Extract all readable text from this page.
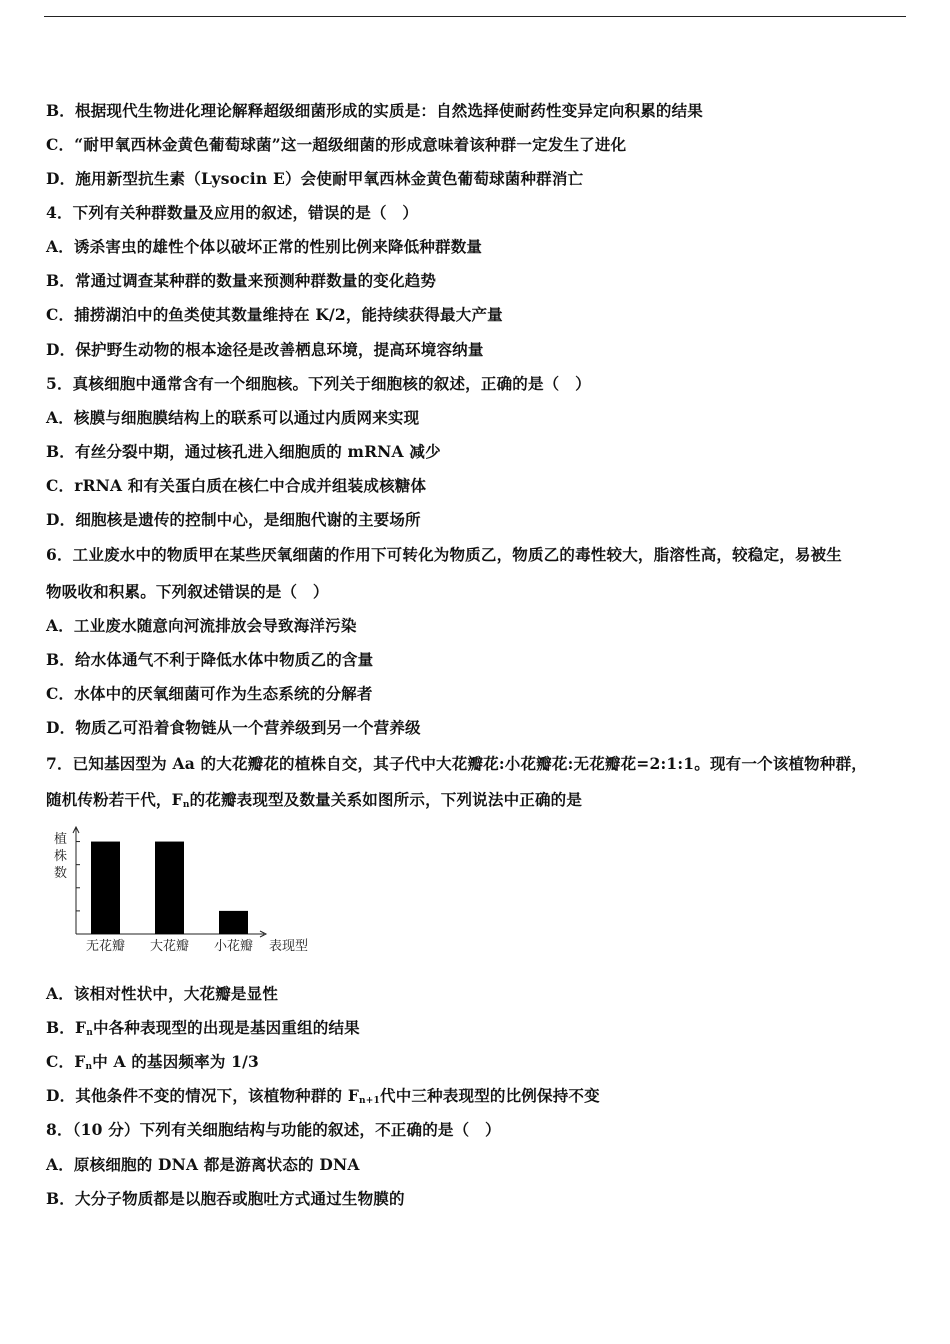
B．根据现代生物进化理论解释超级细菌形成的实质是：自然选择使耐药性变异定向积累的结果
C．“耐甲氧西林金黄色葡萄球菌”这一超级细菌的形成意味着该种群一定发生了进化
D．施用新型抗生素（Lysocin E）会使耐甲氧西林金黄色葡萄球菌种群消亡
4．下列有关种群数量及应用的叙述，错误的是（　）
A．诱杀害虫的雄性个体以破坏正常的性别比例来降低种群数量
B．常通过调查某种群的数量来预测种群数量的变化趋势
C．捕捞湖泊中的鱼类使其数量维持在 K/2，能持续获得最大产量
D．保护野生动物的根本途径是改善栖息环境，提高环境容纳量
5．真核细胞中通常含有一个细胞核。下列关于细胞核的叙述，正确的是（　）
A．核膜与细胞膜结构上的联系可以通过内质网来实现
B．有丝分裂中期，通过核孔进入细胞质的 mRNA 减少
C．rRNA 和有关蛋白质在核仁中合成并组装成核糖体
D．细胞核是遗传的控制中心，是细胞代谢的主要场所
6．工业废水中的物质甲在某些厌氧细菌的作用下可转化为物质乙，物质乙的毒性较大，脂溶性高，较稳定，易被生
物吸收和积累。下列叙述错误的是（　）
A．工业废水随意向河流排放会导致海洋污染
B．给水体通气不利于降低水体中物质乙的含量
C．水体中的厌氧细菌可作为生态系统的分解者
D．物质乙可沿着食物链从一个营养级到另一个营养级
7．已知基因型为 Aa 的大花瓣花的植株自交，其子代中大花瓣花:小花瓣花:无花瓣花=2:1:1。现有一个该植物种群，
随机传粉若干代，$F_n$的花瓣表现型及数量关系如图所示，下列说法中正确的是
植
株
数
无花瓣 大花瓣 小花瓣 表现型
A．该相对性状中，大花瓣是显性
B．$F_n$中各种表现型的出现是基因重组的结果
C．$F_n$中 A 的基因频率为 1/3
D．其他条件不变的情况下，该植物种群的 $F_{n+1}$代中三种表现型的比例保持不变
8．（10 分）下列有关细胞结构与功能的叙述，不正确的是（　）
A．原核细胞的 DNA 都是游离状态的 DNA
B．大分子物质都是以胞吞或胞吐方式通过生物膜的
